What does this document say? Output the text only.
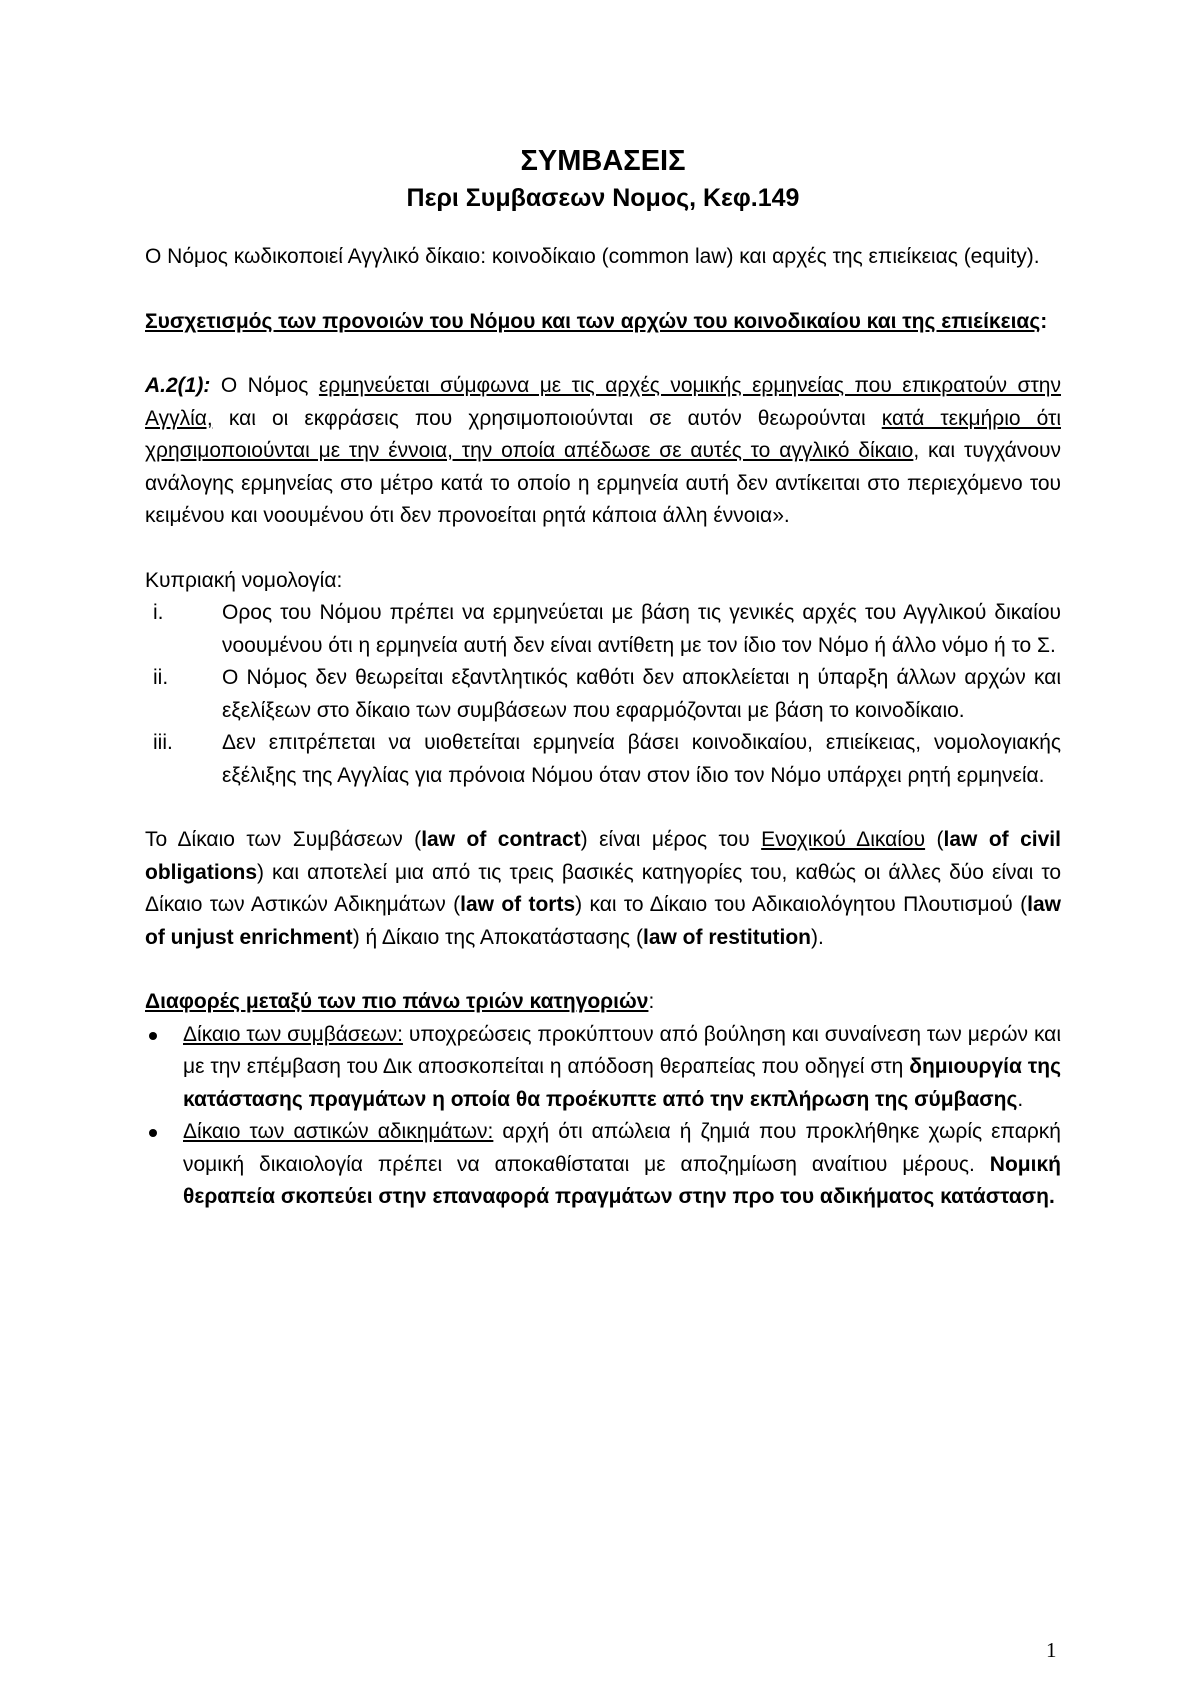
ΣΥΜΒΑΣΕΙΣ
Περι Συμβασεων Νομος, Κεφ.149

Ο Νόμος κωδικοποιεί Αγγλικό δίκαιο: κοινοδίκαιο (common law) και αρχές της επιείκειας (equity).

Συσχετισμός των προνοιών του Νόμου και των αρχών του κοινοδικαίου και της επιείκειας:

A.2(1): Ο Νόμος ερμηνεύεται σύμφωνα με τις αρχές νομικής ερμηνείας που επικρατούν στην Αγγλία, και οι εκφράσεις που χρησιμοποιούνται σε αυτόν θεωρούνται κατά τεκμήριο ότι χρησιμοποιούνται με την έννοια, την οποία απέδωσε σε αυτές το αγγλικό δίκαιο, και τυγχάνουν ανάλογης ερμηνείας στο μέτρο κατά το οποίο η ερμηνεία αυτή δεν αντίκειται στο περιεχόμενο του κειμένου και νοουμένου ότι δεν προνοείται ρητά κάποια άλλη έννοια».

Κυπριακή νομολογία:

i.	Ορος του Νόμου πρέπει να ερμηνεύεται με βάση τις γενικές αρχές του Αγγλικού δικαίου νοουμένου ότι η ερμηνεία αυτή δεν είναι αντίθετη με τον ίδιο τον Νόμο ή άλλο νόμο ή το Σ.
ii.	Ο Νόμος δεν θεωρείται εξαντλητικός καθότι δεν αποκλείεται η ύπαρξη άλλων αρχών και εξελίξεων στο δίκαιο των συμβάσεων που εφαρμόζονται με βάση το κοινοδίκαιο.
iii. Δεν επιτρέπεται να υιοθετείται ερμηνεία βάσει κοινοδικαίου, επιείκειας, νομολογιακής εξέλιξης της Αγγλίας για πρόνοια Νόμου όταν στον ίδιο τον Νόμο υπάρχει ρητή ερμηνεία.

Το Δίκαιο των Συμβάσεων (law of contract) είναι μέρος του Ενοχικού Δικαίου (law of civil obligations) και αποτελεί μια από τις τρεις βασικές κατηγορίες του, καθώς οι άλλες δύο είναι το Δίκαιο των Αστικών Αδικημάτων (law of torts) και το Δίκαιο του Αδικαιολόγητου Πλουτισμού (law of unjust enrichment) ή Δίκαιο της Αποκατάστασης (law of restitution).

Διαφορές μεταξύ των πιο πάνω τριών κατηγοριών:

Δίκαιο των συμβάσεων: υποχρεώσεις προκύπτουν από βούληση και συναίνεση των μερών και με την επέμβαση του Δικ αποσκοπείται η απόδοση θεραπείας που οδηγεί στη δημιουργία της κατάστασης πραγμάτων η οποία θα προέκυπτε από την εκπλήρωση της σύμβασης.
Δίκαιο των αστικών αδικημάτων: αρχή ότι απώλεια ή ζημιά που προκλήθηκε χωρίς επαρκή νομική δικαιολογία πρέπει να αποκαθίσταται με αποζημίωση αναίτιου μέρους. Νομική θεραπεία σκοπεύει στην επαναφορά πραγμάτων στην προ του αδικήματος κατάσταση.
1
